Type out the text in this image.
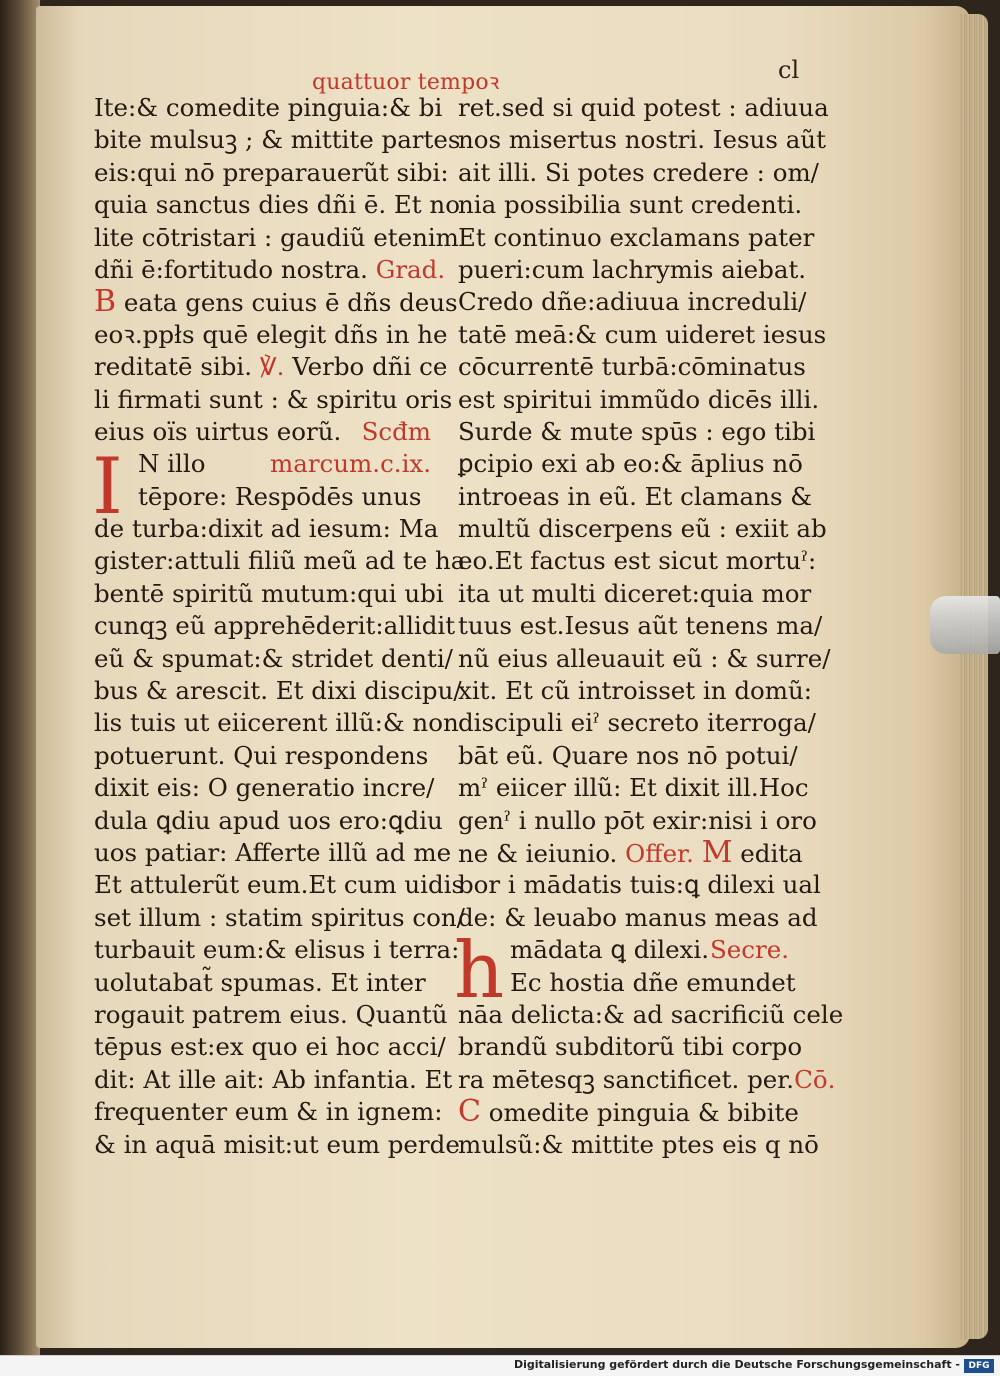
quattuor tempoꝛ	cl
Ite:& comedite pinguia:& bi
bite mulsuꝫ ; & mittite partes
eis:qui nō preparauerũt sibi:
quia sanctus dies dñi ē. Et no
lite cōtristari : gaudiũ etenim
dñi ē:fortitudo nostra. Grad.
B eata gens cuius ē dñs deus
eoꝛ.ppłs quē elegit dñs in he
reditatē sibi. ℣. Verbo dñi ce
li firmati sunt : & spiritu oris
eius oïs uirtus eorũ. Scđm
N illo	marcum.c.ix.
tēpore: Respōdēs unus
de turba:dixit ad iesum: Ma
gister:attuli filiũ meũ ad te ha
bentē spiritũ mutum:qui ubi
cunqꝫ eũ apprehēderit:allidit
eũ & spumat:& stridet denti/
bus & arescit. Et dixi discipu/
lis tuis ut eiicerent illũ:& non
potuerunt. Qui respondens
dixit eis: O generatio incre/
dula ꝗdiu apud uos ero:ꝗdiu
uos patiar: Afferte illũ ad me
Et attulerũt eum.Et cum uidis
set illum : statim spiritus con/
turbauit eum:& elisus i terra:
uolutabat̃ spumas. Et inter
rogauit patrem eius. Quantũ
tēpus est:ex quo ei hoc acci/
dit: At ille ait: Ab infantia. Et
frequenter eum & in ignem:
& in aquā misit:ut eum perde
I
ret.sed si quid potest : adiuua
nos misertus nostri. Iesus aũt
ait illi. Si potes credere : om/
nia possibilia sunt credenti.
Et continuo exclamans pater
pueri:cum lachrymis aiebat.
Credo dñe:adiuua increduli/
tatē meā:& cum uideret iesus
cōcurrentē turbā:cōminatus
est spiritui immũdo dicēs illi.
Surde & mute spūs : ego tibi
ꝑcipio exi ab eo:& āplius nō
introeas in eũ. Et clamans &
multũ discerpens eũ : exiit ab
eo.Et factus est sicut mortuˀ:
ita ut multi diceret:quia mor
tuus est.Iesus aũt tenens ma/
nũ eius alleuauit eũ : & surre/
xit. Et cũ introisset in domũ:
discipuli eiˀ secreto iterroga/
bāt eũ. Quare nos nō potui/
mˀ eiicer illũ: Et dixit ill.Hoc
genˀ i nullo pōt exir:nisi i oro
ne & ieiunio. Offer. M edita
bor i mādatis tuis:ꝗ dilexi ual
de: & leuabo manus meas ad
mādata ꝗ dilexi. Secre.
Ec hostia dñe emundet
nāa delicta:& ad sacrificiũ cele
brandũ subditorũ tibi corpo
ra mētesqꝫ sanctificet. per.Cō.
C omedite pinguia & bibite
mulsũ:& mittite ptes eis q nō
h
Digitalisierung gefördert durch die Deutsche Forschungsgemeinschaft - DFG
